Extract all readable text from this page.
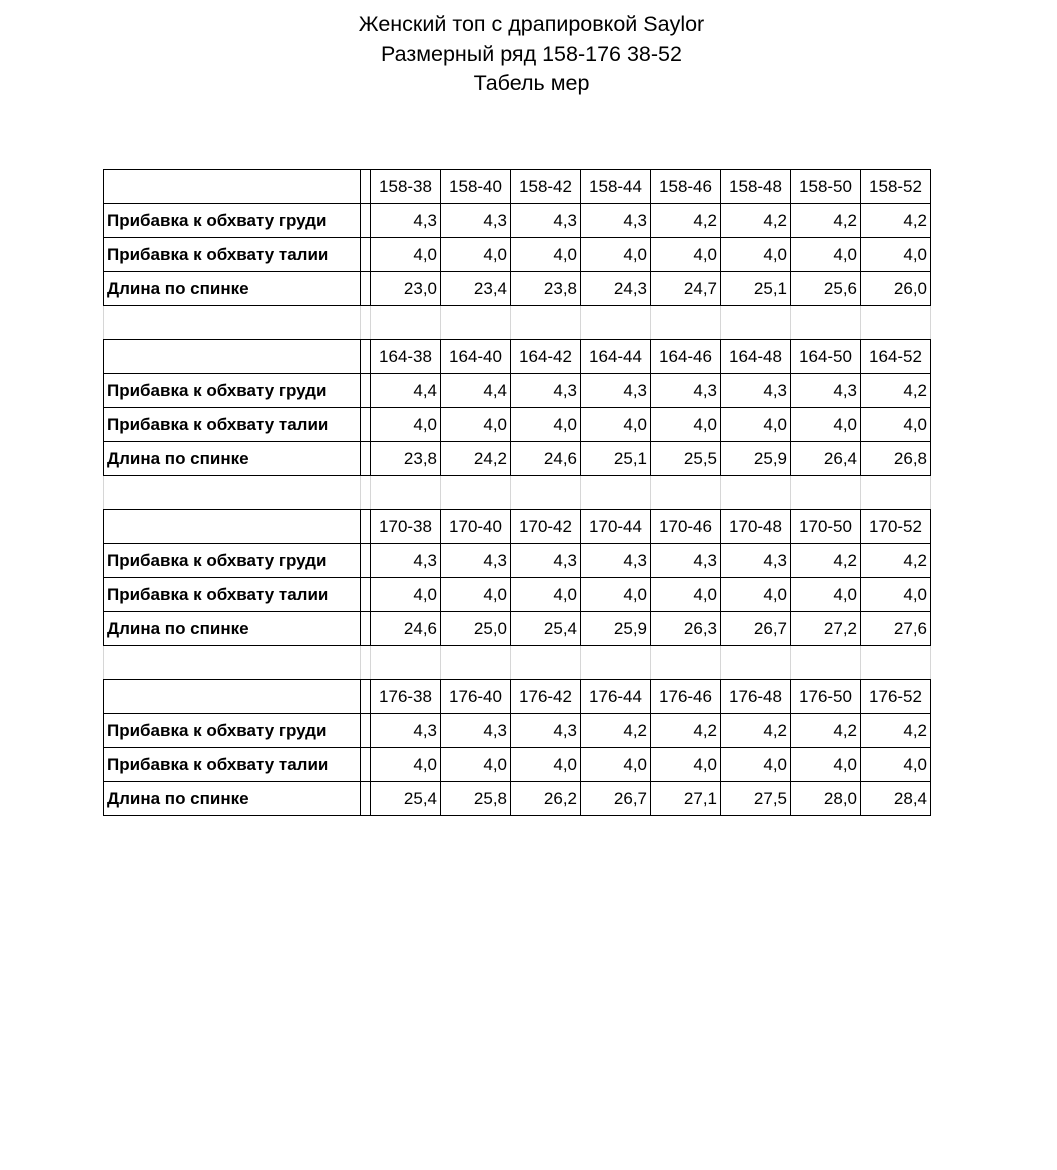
Женский топ с драпировкой Saylor
Размерный ряд 158-176 38-52
Табель мер
		158-38	158-40	158-42	158-44	158-46	158-48	158-50	158-52
Прибавка к обхвату груди		4,3	4,3	4,3	4,3	4,2	4,2	4,2	4,2
Прибавка к обхвату талии		4,0	4,0	4,0	4,0	4,0	4,0	4,0	4,0
Длина по спинке		23,0	23,4	23,8	24,3	24,7	25,1	25,6	26,0

		164-38	164-40	164-42	164-44	164-46	164-48	164-50	164-52
Прибавка к обхвату груди		4,4	4,4	4,3	4,3	4,3	4,3	4,3	4,2
Прибавка к обхвату талии		4,0	4,0	4,0	4,0	4,0	4,0	4,0	4,0
Длина по спинке		23,8	24,2	24,6	25,1	25,5	25,9	26,4	26,8

		170-38	170-40	170-42	170-44	170-46	170-48	170-50	170-52
Прибавка к обхвату груди		4,3	4,3	4,3	4,3	4,3	4,3	4,2	4,2
Прибавка к обхвату талии		4,0	4,0	4,0	4,0	4,0	4,0	4,0	4,0
Длина по спинке		24,6	25,0	25,4	25,9	26,3	26,7	27,2	27,6

		176-38	176-40	176-42	176-44	176-46	176-48	176-50	176-52
Прибавка к обхвату груди		4,3	4,3	4,3	4,2	4,2	4,2	4,2	4,2
Прибавка к обхвату талии		4,0	4,0	4,0	4,0	4,0	4,0	4,0	4,0
Длина по спинке		25,4	25,8	26,2	26,7	27,1	27,5	28,0	28,4
